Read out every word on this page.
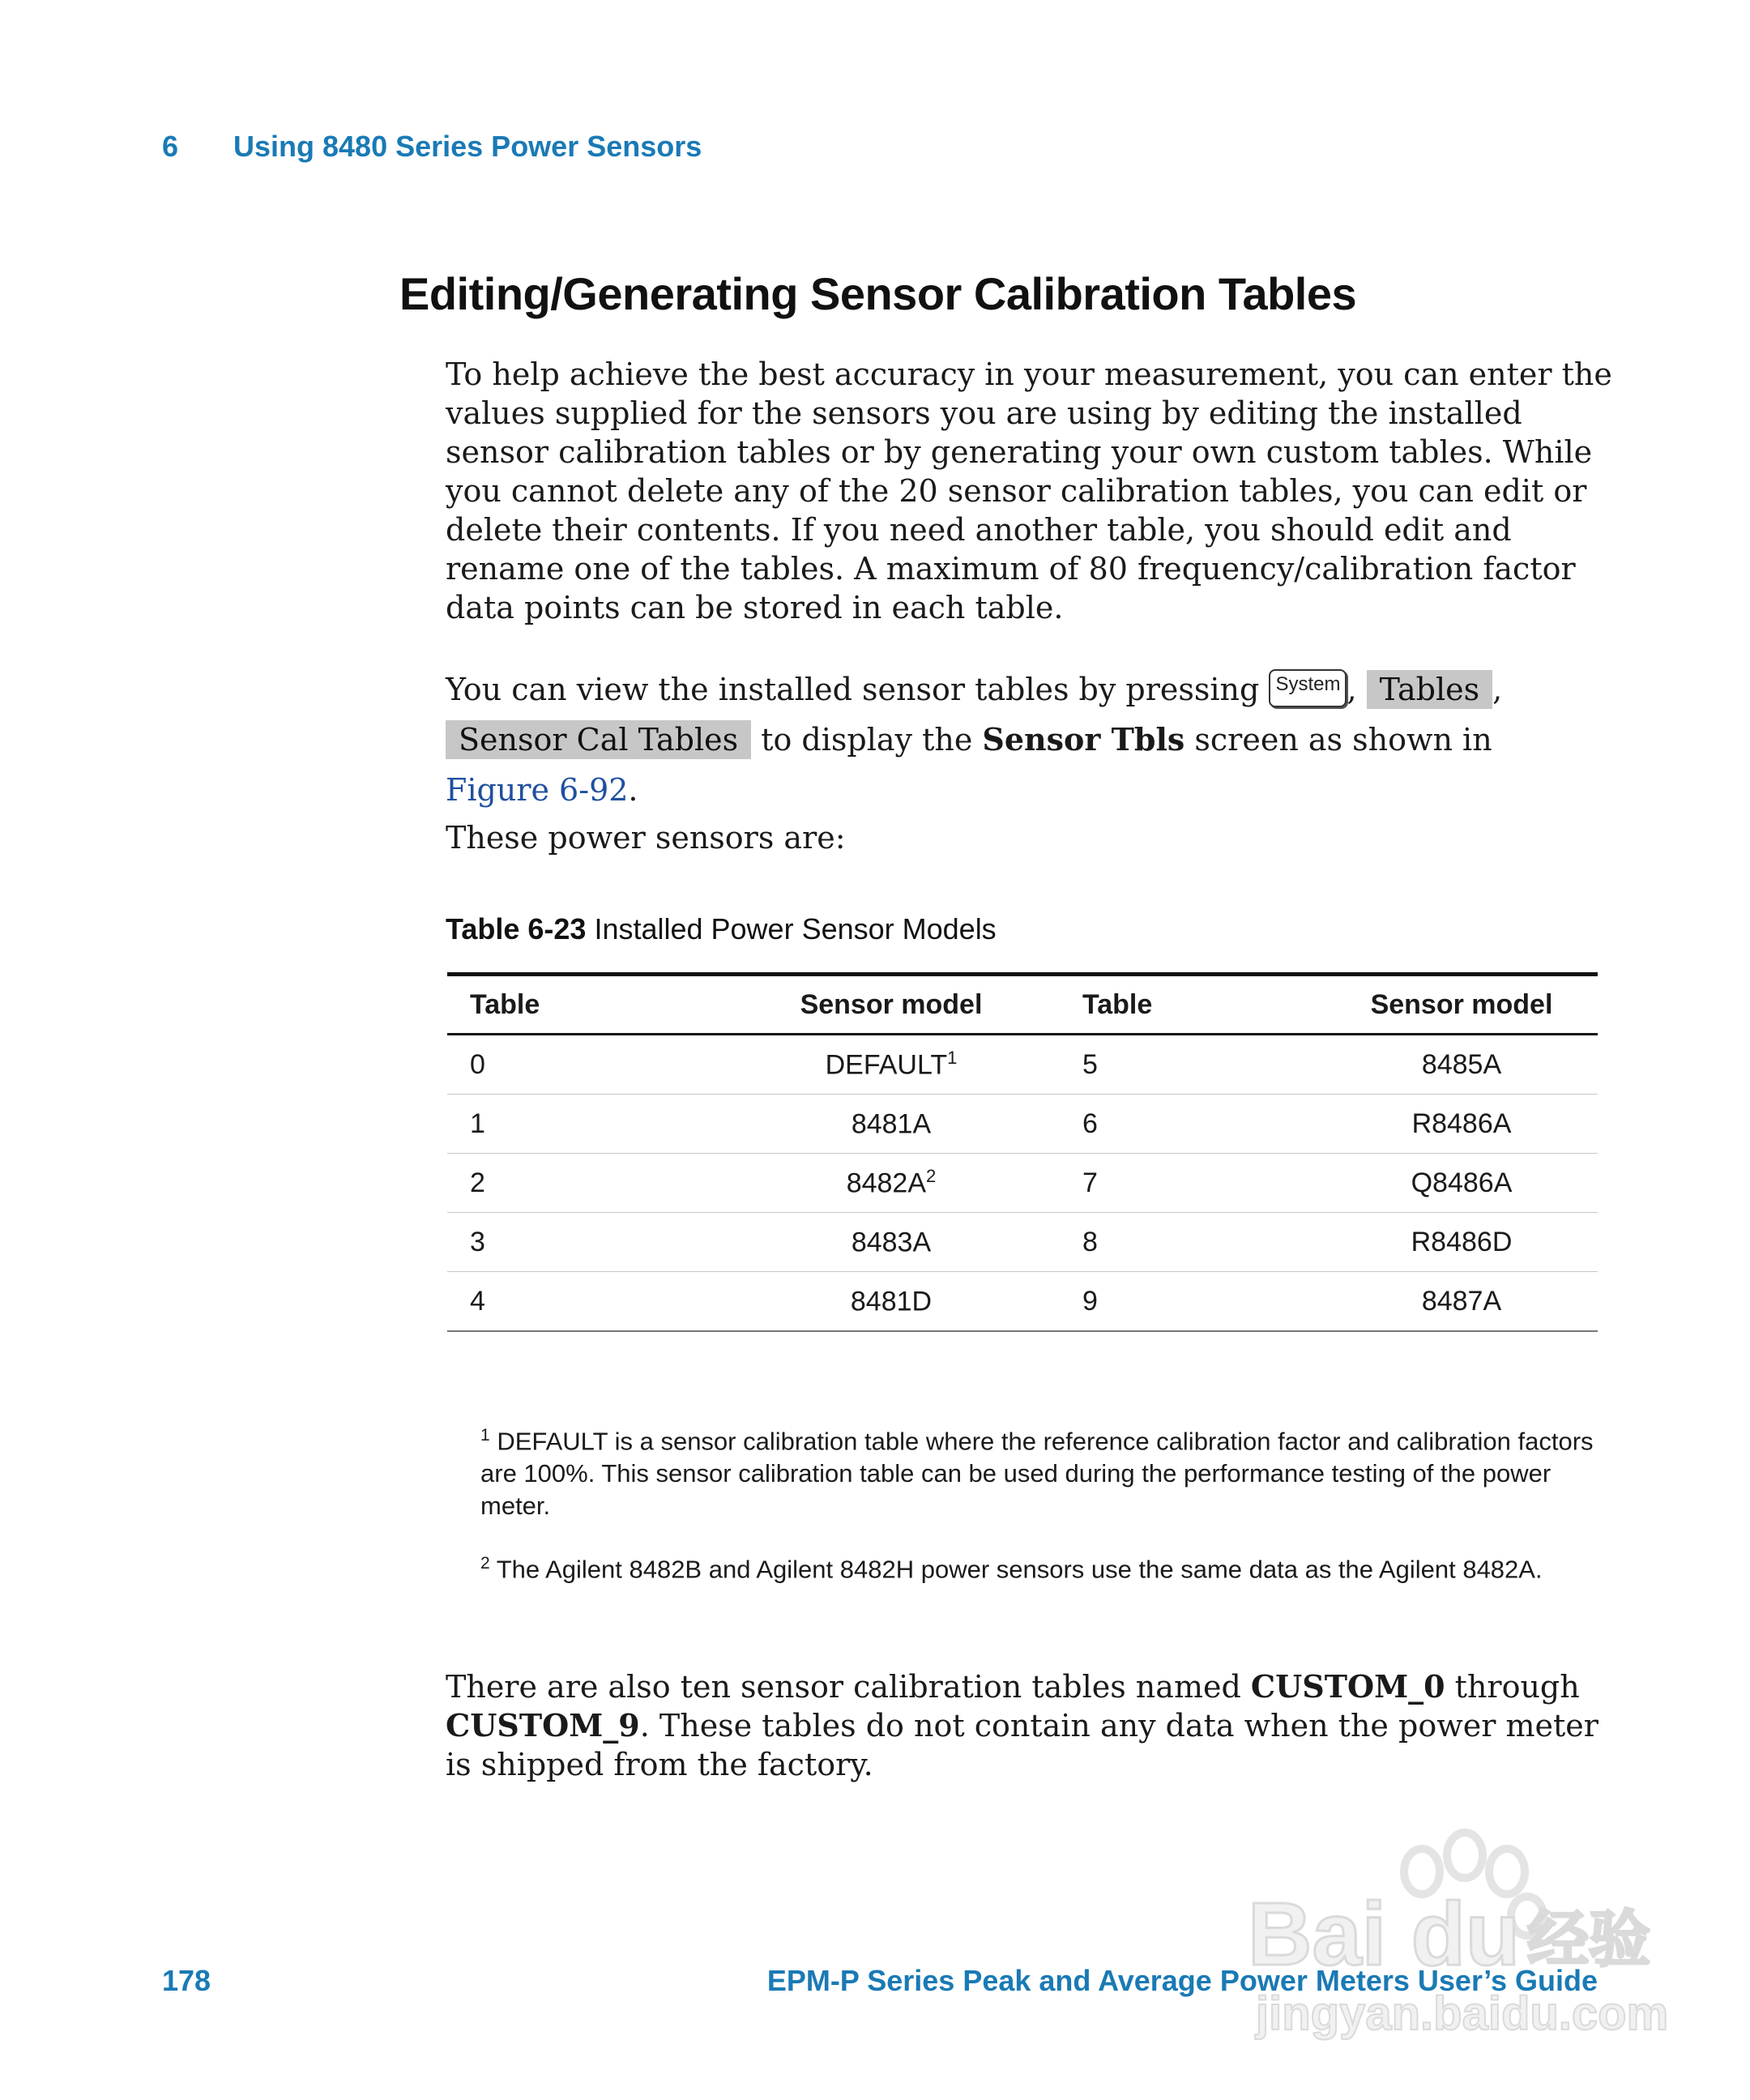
6 Using 8480 Series Power Sensors
Editing/Generating Sensor Calibration Tables

To help achieve the best accuracy in your measurement, you can enter the values supplied for the sensors you are using by editing the installed sensor calibration tables or by generating your own custom tables. While you cannot delete any of the 20 sensor calibration tables, you can edit or delete their contents. If you need another table, you should edit and rename one of the tables. A maximum of 80 frequency/calibration factor data points can be stored in each table.

You can view the installed sensor tables by pressing System , Tables ,
Sensor Cal Tables to display the Sensor Tbls screen as shown in
Figure 6-92.

These power sensors are:

Table 6-23 Installed Power Sensor Models
Table	Sensor model	Table	Sensor model
0	DEFAULT$^1$	5	8485A
1	8481A	6	R8486A
2	$8482A^2$	7	Q8486A
3	8483A	8	R8486D
4	8481D	9	8487A

$^1$ DEFAULT is a sensor calibration table where the reference calibration factor and calibration factors are 100%. This sensor calibration table can be used during the performance testing of the power meter.

$^2$ The Agilent 8482B and Agilent 8482H power sensors use the same data as the Agilent 8482A.

There are also ten sensor calibration tables named CUSTOM_0 through CUSTOM_9. These tables do not contain any data when the power meter is shipped from the factory.

178	EPM-P Series Peak and Average Power Meters User’s Guide
Bai du 经验
jingyan.baidu.com
